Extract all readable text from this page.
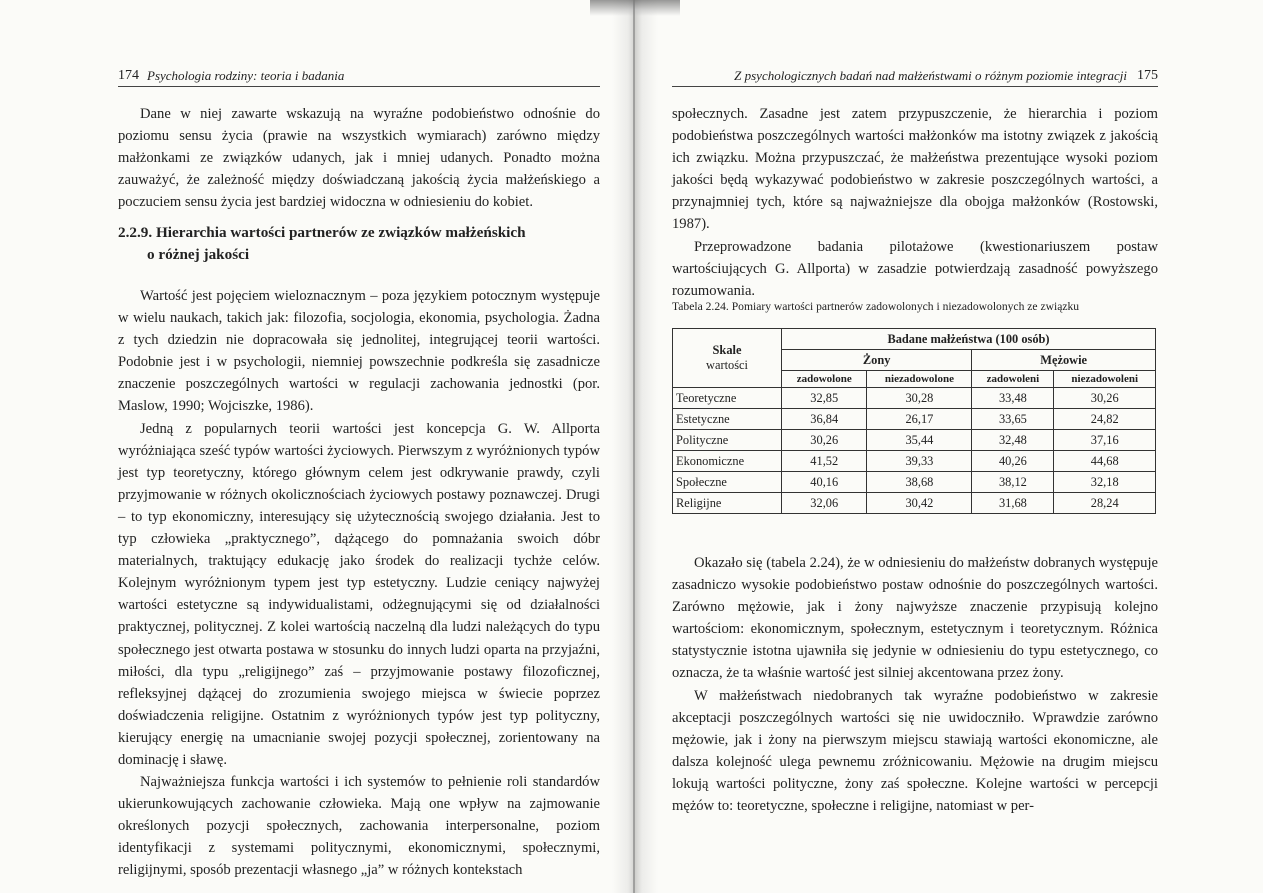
174 Psychologia rodziny: teoria i badania

Dane w niej zawarte wskazują na wyraźne podobieństwo odnośnie do poziomu sensu życia (prawie na wszystkich wymiarach) zarówno między małżonkami ze związków udanych, jak i mniej udanych. Ponadto można zauważyć, że zależność między doświadczaną jakością życia małżeńskiego a poczuciem sensu życia jest bardziej widoczna w odniesieniu do kobiet.

2.2.9. Hierarchia wartości partnerów ze związków małżeńskich
o różnej jakości

Wartość jest pojęciem wieloznacznym – poza językiem potocznym występuje w wielu naukach, takich jak: filozofia, socjologia, ekonomia, psychologia. Żadna z tych dziedzin nie dopracowała się jednolitej, integrującej teorii wartości. Podobnie jest i w psychologii, niemniej powszechnie podkreśla się zasadnicze znaczenie poszczególnych wartości w regulacji zachowania jednostki (por. Maslow, 1990; Wojciszke, 1986).

Jedną z popularnych teorii wartości jest koncepcja G. W. Allporta wyróżniająca sześć typów wartości życiowych. Pierwszym z wyróżnionych typów jest typ teoretyczny, którego głównym celem jest odkrywanie prawdy, czyli przyjmowanie w różnych okolicznościach życiowych postawy poznawczej. Drugi – to typ ekonomiczny, interesujący się użytecznością swojego działania. Jest to typ człowieka „praktycznego”, dążącego do pomnażania swoich dóbr materialnych, traktujący edukację jako środek do realizacji tychże celów. Kolejnym wyróżnionym typem jest typ estetyczny. Ludzie ceniący najwyżej wartości estetyczne są indywidualistami, odżegnującymi się od działalności praktycznej, politycznej. Z kolei wartością naczelną dla ludzi należących do typu społecznego jest otwarta postawa w stosunku do innych ludzi oparta na przyjaźni, miłości, dla typu „religijnego” zaś – przyjmowanie postawy filozoficznej, refleksyjnej dążącej do zrozumienia swojego miejsca w świecie poprzez doświadczenia religijne. Ostatnim z wyróżnionych typów jest typ polityczny, kierujący energię na umacnianie swojej pozycji społecznej, zorientowany na dominację i sławę.

Najważniejsza funkcja wartości i ich systemów to pełnienie roli standardów ukierunkowujących zachowanie człowieka. Mają one wpływ na zajmowanie określonych pozycji społecznych, zachowania interpersonalne, poziom identyfikacji z systemami politycznymi, ekonomicznymi, społecznymi, religijnymi, sposób prezentacji własnego „ja” w różnych kontekstach

Z psychologicznych badań nad małżeństwami o różnym poziomie integracji 175

społecznych. Zasadne jest zatem przypuszczenie, że hierarchia i poziom podobieństwa poszczególnych wartości małżonków ma istotny związek z jakością ich związku. Można przypuszczać, że małżeństwa prezentujące wysoki poziom jakości będą wykazywać podobieństwo w zakresie poszczególnych wartości, a przynajmniej tych, które są najważniejsze dla obojga małżonków (Rostowski, 1987).

Przeprowadzone badania pilotażowe (kwestionariuszem postaw wartościujących G. Allporta) w zasadzie potwierdzają zasadność powyższego rozumowania.

Tabela 2.24. Pomiary wartości partnerów zadowolonych i niezadowolonych ze związku
Skale
wartości	Badane małżeństwa (100 osób)			
	Żony		Mężowie	
	zadowolone	niezadowolone	zadowoleni	niezadowoleni
Teoretyczne	32,85	30,28	33,48	30,26
Estetyczne	36,84	26,17	33,65	24,82
Polityczne	30,26	35,44	32,48	37,16
Ekonomiczne	41,52	39,33	40,26	44,68
Społeczne	40,16	38,68	38,12	32,18
Religijne	32,06	30,42	31,68	28,24

Okazało się (tabela 2.24), że w odniesieniu do małżeństw dobranych występuje zasadniczo wysokie podobieństwo postaw odnośnie do poszczególnych wartości. Zarówno mężowie, jak i żony najwyższe znaczenie przypisują kolejno wartościom: ekonomicznym, społecznym, estetycznym i teoretycznym. Różnica statystycznie istotna ujawniła się jedynie w odniesieniu do typu estetycznego, co oznacza, że ta właśnie wartość jest silniej akcentowana przez żony.

W małżeństwach niedobranych tak wyraźne podobieństwo w zakresie akceptacji poszczególnych wartości się nie uwidoczniło. Wprawdzie zarówno mężowie, jak i żony na pierwszym miejscu stawiają wartości ekonomiczne, ale dalsza kolejność ulega pewnemu zróżnicowaniu. Mężowie na drugim miejscu lokują wartości polityczne, żony zaś społeczne. Kolejne wartości w percepcji mężów to: teoretyczne, społeczne i religijne, natomiast w per-
